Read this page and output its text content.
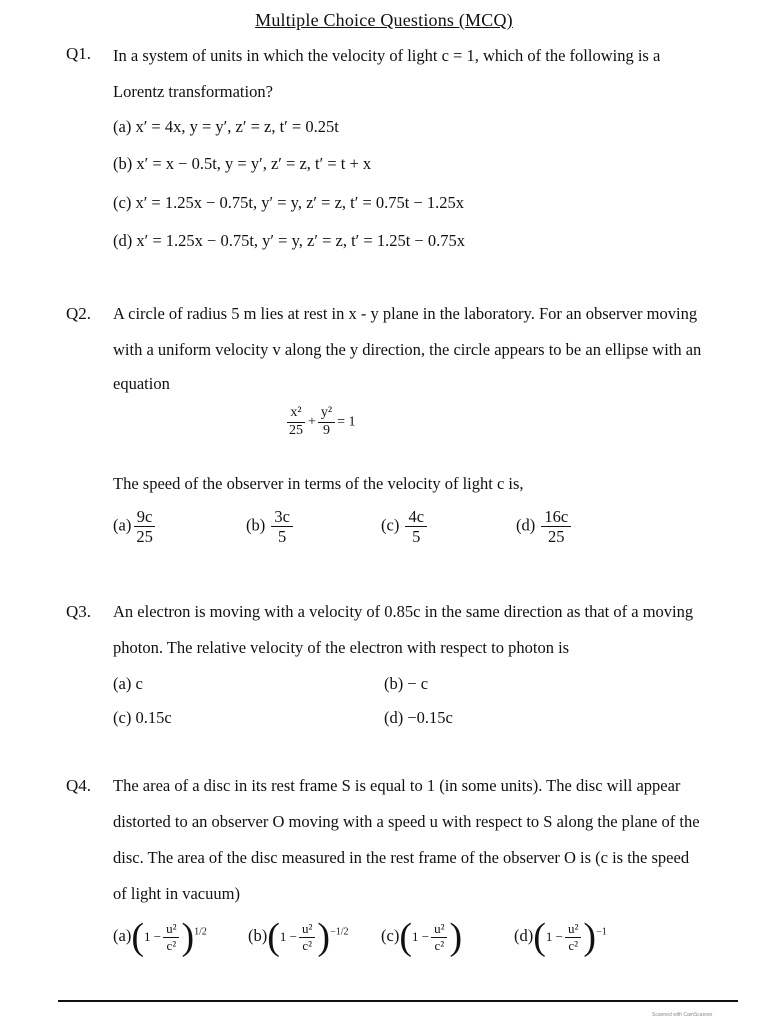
Multiple Choice Questions (MCQ)
Q1. In a system of units in which the velocity of light c = 1, which of the following is a
Lorentz transformation?
(a) x′ = 4x, y = y′, z′ = z, t′ = 0.25t
(b) x′ = x − 0.5t, y = y′, z′ = z, t′ = t + x
(c) x′ = 1.25x − 0.75t, y′ = y, z′ = z, t′ = 0.75t − 1.25x
(d) x′ = 1.25x − 0.75t, y′ = y, z′ = z, t′ = 1.25t − 0.75x
Q2. A circle of radius 5 m lies at rest in x - y plane in the laboratory. For an observer moving
with a uniform velocity v along the y direction, the circle appears to be an ellipse with an
equation
$\frac{\text{x²}}{25} + \frac{\text{y²}}{9} = 1$
The speed of the observer in terms of the velocity of light c is,
$(a) \frac{9c}{25}$	$(b) \frac{3c}{5}$	$(c) \frac{4c}{5}$	$(d) \frac{16c}{25}$
Q3. An electron is moving with a velocity of 0.85c in the same direction as that of a moving
photon. The relative velocity of the electron with respect to photon is
(a) c	(b) − c
(c) 0.15c	(d) −0.15c
Q4. The area of a disc in its rest frame S is equal to 1 (in some units). The disc will appear
distorted to an observer O moving with a speed u with respect to S along the plane of the
disc. The area of the disc measured in the rest frame of the observer O is (c is the speed
of light in vacuum)
$(a)(1 - \frac{\text{u²}}{\text{c²}} )^{1/2}$ $(b)(1 - \frac{\text{u²}}{\text{c²}} )^{-1/2}$ $(c)(1 - \frac{\text{u²}}{\text{c²}}$ )	$(d)(1 - \frac{\text{u²}}{\text{c²}} )^{-1}$
Scanned with CamScanner
